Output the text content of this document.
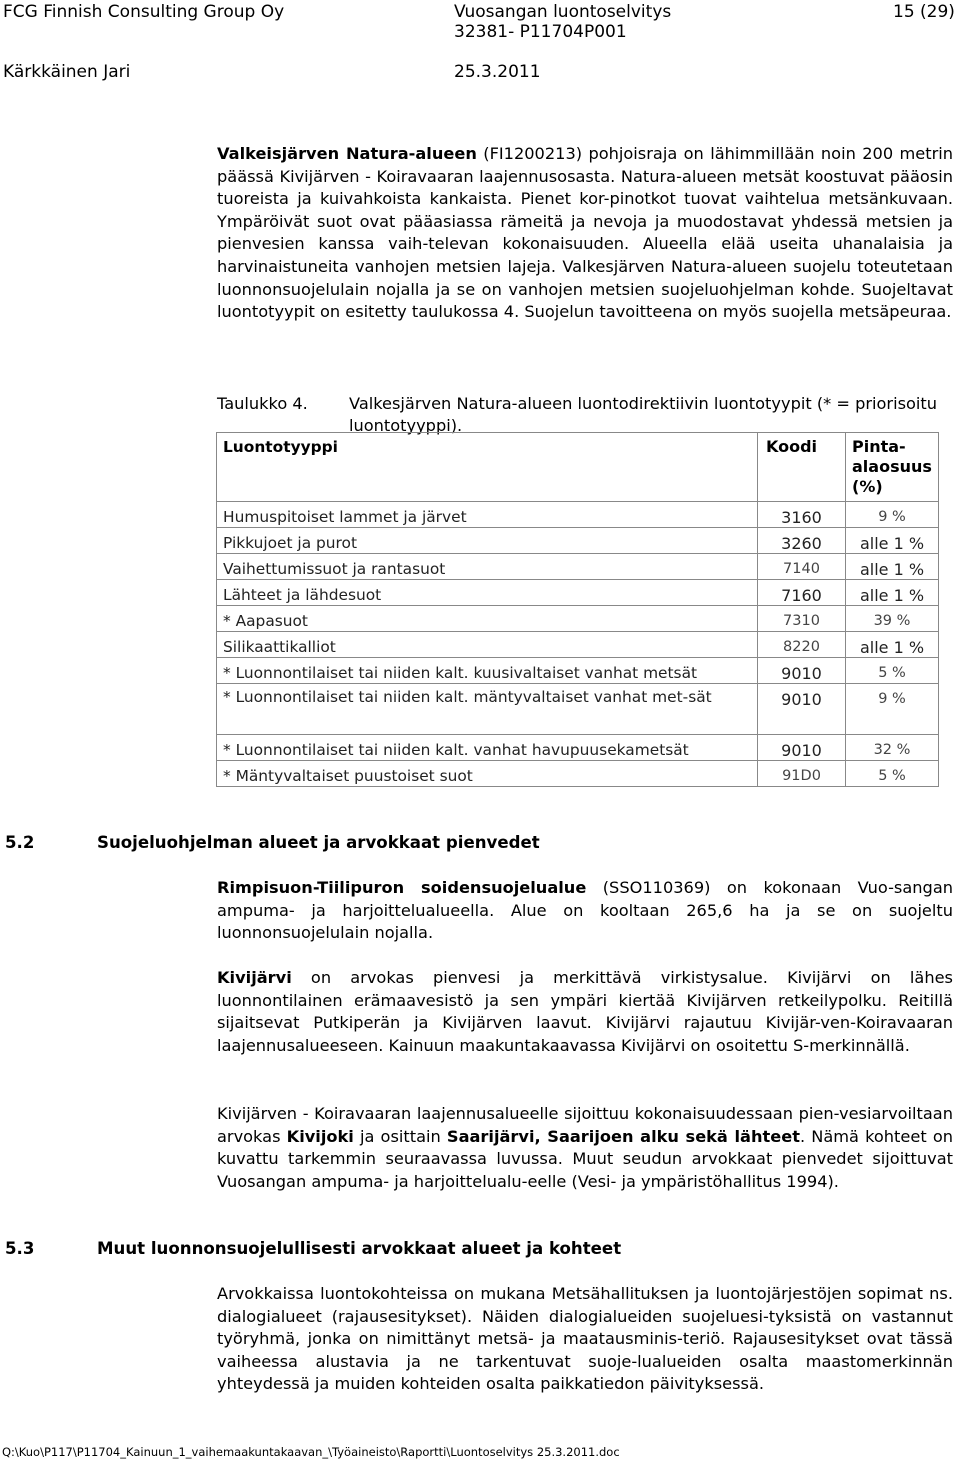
FCG Finnish Consulting Group Oy	Vuosangan luontoselvitys
32381- P11704P001
15 (29)
Kärkkäinen Jari	25.3.2011

Valkeisjärven Natura-alueen (FI1200213) pohjoisraja on lähimmillään noin 200 metrin päässä Kivijärven - Koiravaaran laajennusosasta. Natura-alueen metsät koostuvat pääosin tuoreista ja kuivahkoista kankaista. Pienet kor-pinotkot tuovat vaihtelua metsänkuvaan. Ympäröivät suot ovat pääasiassa rämeitä ja nevoja ja muodostavat yhdessä metsien ja pienvesien kanssa vaih-televan kokonaisuuden. Alueella elää useita uhanalaisia ja harvinaistuneita vanhojen metsien lajeja. Valkesjärven Natura-alueen suojelu toteutetaan luonnonsuojelulain nojalla ja se on vanhojen metsien suojeluohjelman kohde. Suojeltavat luontotyypit on esitetty taulukossa 4. Suojelun tavoitteena on myös suojella metsäpeuraa.

Taulukko 4.	Valkesjärven Natura-alueen luontodirektiivin luontotyypit (* = priorisoitu luontotyyppi).
Luontotyyppi	Koodi	Pinta-alaosuus (%)
Humuspitoiset lammet ja järvet	3160	9 %
Pikkujoet ja purot	3260	alle 1 %
Vaihettumissuot ja rantasuot	7140	alle 1 %
Lähteet ja lähdesuot	7160	alle 1 %
* Aapasuot	7310	39 %
Silikaattikalliot	8220	alle 1 %
* Luonnontilaiset tai niiden kalt. kuusivaltaiset vanhat metsät	9010	5 %
* Luonnontilaiset tai niiden kalt. mäntyvaltaiset vanhat met-sät	9010	9 %
* Luonnontilaiset tai niiden kalt. vanhat havupuusekametsät	9010	32 %
* Mäntyvaltaiset puustoiset suot	91D0	5 %
5.2	Suojeluohjelman alueet ja arvokkaat pienvedet

Rimpisuon-Tiilipuron soidensuojelualue (SSO110369) on kokonaan Vuo-sangan ampuma- ja harjoittelualueella. Alue on kooltaan 265,6 ha ja se on suojeltu luonnonsuojelulain nojalla.

Kivijärvi on arvokas pienvesi ja merkittävä virkistysalue. Kivijärvi on lähes luonnontilainen erämaavesistö ja sen ympäri kiertää Kivijärven retkeilypolku. Reitillä sijaitsevat Putkiperän ja Kivijärven laavut. Kivijärvi rajautuu Kivijär-ven-Koiravaaran laajennusalueeseen. Kainuun maakuntakaavassa Kivijärvi on osoitettu S-merkinnällä.

Kivijärven - Koiravaaran laajennusalueelle sijoittuu kokonaisuudessaan pien-vesiarvoiltaan arvokas Kivijoki ja osittain Saarijärvi, Saarijoen alku sekä lähteet. Nämä kohteet on kuvattu tarkemmin seuraavassa luvussa. Muut seudun arvokkaat pienvedet sijoittuvat Vuosangan ampuma- ja harjoittelualu-eelle (Vesi- ja ympäristöhallitus 1994).

5.3	Muut luonnonsuojelullisesti arvokkaat alueet ja kohteet

Arvokkaissa luontokohteissa on mukana Metsähallituksen ja luontojärjestöjen sopimat ns. dialogialueet (rajausesitykset). Näiden dialogialueiden suojeluesi-tyksistä on vastannut työryhmä, jonka on nimittänyt metsä- ja maatausminis-teriö. Rajausesitykset ovat tässä vaiheessa alustavia ja ne tarkentuvat suoje-lualueiden osalta maastomerkinnän yhteydessä ja muiden kohteiden osalta paikkatiedon päivityksessä.

Q:\Kuo\P117\P11704_Kainuun_1_vaihemaakuntakaavan_\Työaineisto\Raportti\Luontoselvitys 25.3.2011.doc
